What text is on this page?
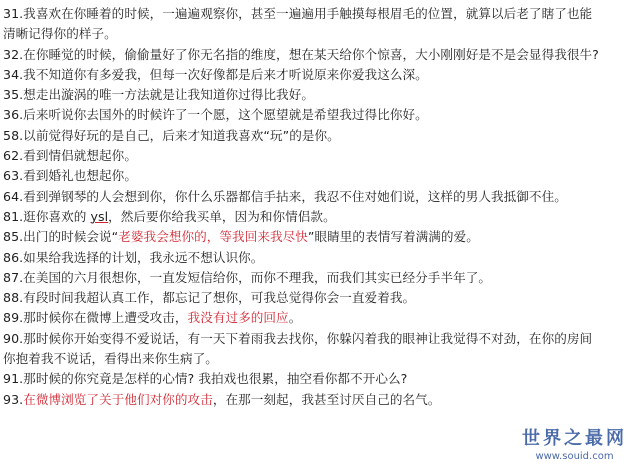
31.我喜欢在你睡着的时候，一遍遍观察你，甚至一遍遍用手触摸每根眉毛的位置，就算以后老了瞎了也能
清晰记得你的样子。
32.在你睡觉的时候，偷偷量好了你无名指的维度，想在某天给你个惊喜，大小刚刚好是不是会显得我很牛?
34.我不知道你有多爱我，但每一次好像都是后来才听说原来你爱我这么深。
35.想走出漩涡的唯一方法就是让我知道你过得比我好。
36.后来听说你去国外的时候许了一个愿，这个愿望就是希望我过得比你好。
58.以前觉得好玩的是自己，后来才知道我喜欢“玩”的是你。
62.看到情侣就想起你。
63.看到婚礼也想起你。
64.看到弹钢琴的人会想到你，你什么乐器都信手拈来，我忍不住对她们说，这样的男人我抵御不住。
81.逛你喜欢的 ysl，然后要你给我买单，因为和你情侣款。
85.出门的时候会说“老婆我会想你的，等我回来我尽快”眼睛里的表情写着满满的爱。
86.如果给我选择的计划，我永远不想认识你。
87.在美国的六月很想你，一直发短信给你，而你不理我，而我们其实已经分手半年了。
88.有段时间我超认真工作，都忘记了想你，可我总觉得你会一直爱着我。
89.那时候你在微博上遭受攻击，我没有过多的回应。
90.那时候你开始变得不爱说话，有一天下着雨我去找你，你躲闪着我的眼神让我觉得不对劲，在你的房间
你抱着我不说话，看得出来你生病了。
91.那时候的你究竟是怎样的心情? 我拍戏也很累，抽空看你都不开心么?
93.在微博浏览了关于他们对你的攻击，在那一刻起，我甚至讨厌自己的名气。
世界之最网
www.souid.com
